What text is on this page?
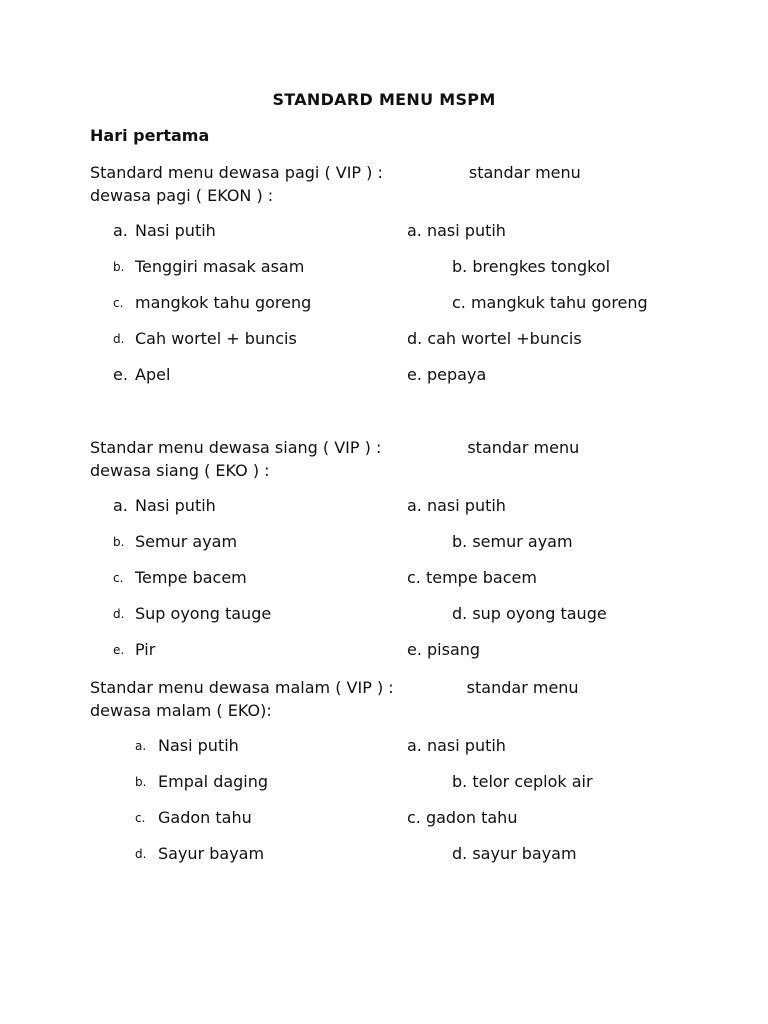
STANDARD MENU MSPM
Hari pertama
Standard menu dewasa pagi ( VIP ) :	standar menu
dewasa pagi ( EKON ) :
a. Nasi putih	a. nasi putih
b. Tenggiri masak asam	b. brengkes tongkol
c. mangkok tahu goreng	c. mangkuk tahu goreng
d. Cah wortel + buncis	d. cah wortel +buncis
e. Apel	e. pepaya
Standar menu dewasa siang ( VIP ) :	standar menu
dewasa siang ( EKO ) :
a. Nasi putih	a. nasi putih
b. Semur ayam	b. semur ayam
c. Tempe bacem	c. tempe bacem
d. Sup oyong tauge	d. sup oyong tauge
e. Pir	e. pisang
Standar menu dewasa malam ( VIP ) :	standar menu
dewasa malam ( EKO):
a. Nasi putih	a. nasi putih
b. Empal daging	b. telor ceplok air
c. Gadon tahu	c. gadon tahu
d. Sayur bayam	d. sayur bayam
